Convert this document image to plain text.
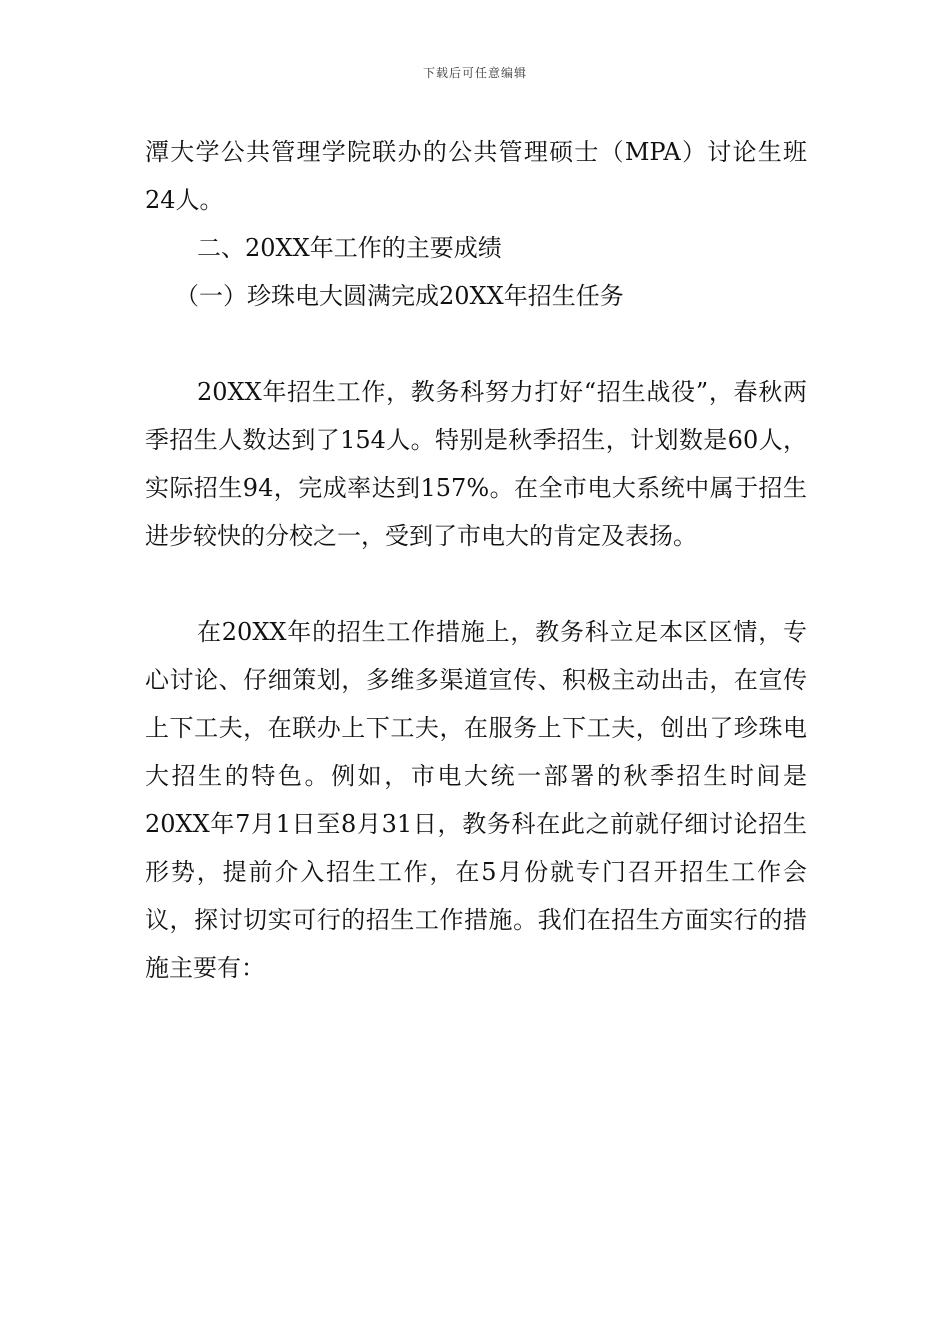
下载后可任意编辑

潭大学公共管理学院联办的公共管理硕士（MPA）讨论生班24人。

二、20XX年工作的主要成绩

（一）珍珠电大圆满完成20XX年招生任务

20XX年招生工作，教务科努力打好“招生战役”，春秋两季招生人数达到了154人。特别是秋季招生，计划数是60人，实际招生94，完成率达到157%。在全市电大系统中属于招生进步较快的分校之一，受到了市电大的肯定及表扬。

在20XX年的招生工作措施上，教务科立足本区区情，专心讨论、仔细策划，多维多渠道宣传、积极主动出击，在宣传上下工夫，在联办上下工夫，在服务上下工夫，创出了珍珠电大招生的特色。例如，市电大统一部署的秋季招生时间是20XX年7月1日至8月31日，教务科在此之前就仔细讨论招生形势，提前介入招生工作，在5月份就专门召开招生工作会议，探讨切实可行的招生工作措施。我们在招生方面实行的措施主要有：
